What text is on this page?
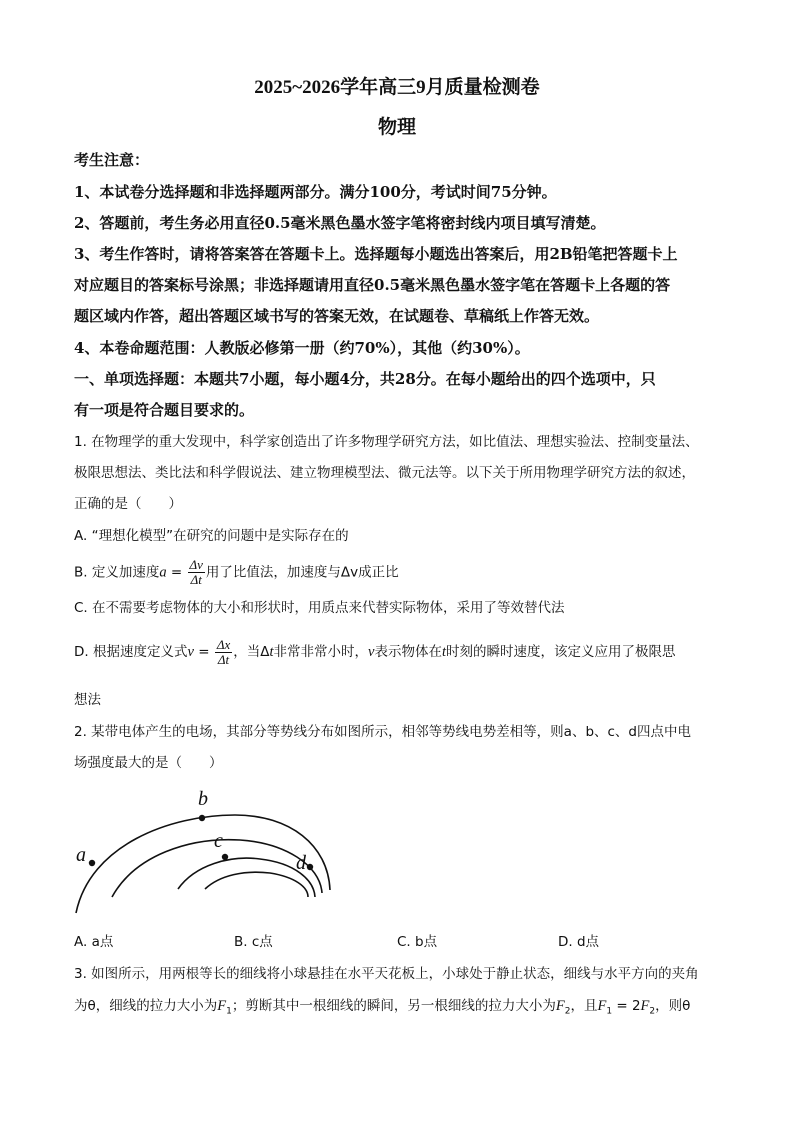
2025~2026学年高三9月质量检测卷
物理
考生注意：
1、本试卷分选择题和非选择题两部分。满分100分，考试时间75分钟。
2、答题前，考生务必用直径0.5毫米黑色墨水签字笔将密封线内项目填写清楚。
3、考生作答时，请将答案答在答题卡上。选择题每小题选出答案后，用2B铅笔把答题卡上
对应题目的答案标号涂黑；非选择题请用直径0.5毫米黑色墨水签字笔在答题卡上各题的答
题区域内作答，超出答题区域书写的答案无效，在试题卷、草稿纸上作答无效。
4、本卷命题范围：人教版必修第一册（约70%），其他（约30%）。
一、单项选择题：本题共7小题，每小题4分，共28分。在每小题给出的四个选项中，只
有一项是符合题目要求的。
1. 在物理学的重大发现中，科学家创造出了许多物理学研究方法，如比值法、理想实验法、控制变量法、
极限思想法、类比法和科学假说法、建立物理模型法、微元法等。以下关于所用物理学研究方法的叙述，
正确的是（　　）
A. “理想化模型”在研究的问题中是实际存在的
B. 定义加速度$a = \frac{\Delta v}{\Delta t}$ 用了比值法，加速度与Δv成正比
C. 在不需要考虑物体的大小和形状时，用质点来代替实际物体，采用了等效替代法
D. 根据速度定义式$v = \frac{\Delta x}{\Delta t}$ ，当Δt非常非常小时，v表示物体在t时刻的瞬时速度，该定义应用了极限思
想法
2. 某带电体产生的电场，其部分等势线分布如图所示，相邻等势线电势差相等，则a、b、c、d四点中电
场强度最大的是（　　）
a
b
c
d
A. a点	B. c点	C. b点	D. d点
3. 如图所示，用两根等长的细线将小球悬挂在水平天花板上，小球处于静止状态，细线与水平方向的夹角
为θ，细线的拉力大小为$F_1$；剪断其中一根细线的瞬间，另一根细线的拉力大小为$F_2$，且$F_1 = 2F_2$，则θ
